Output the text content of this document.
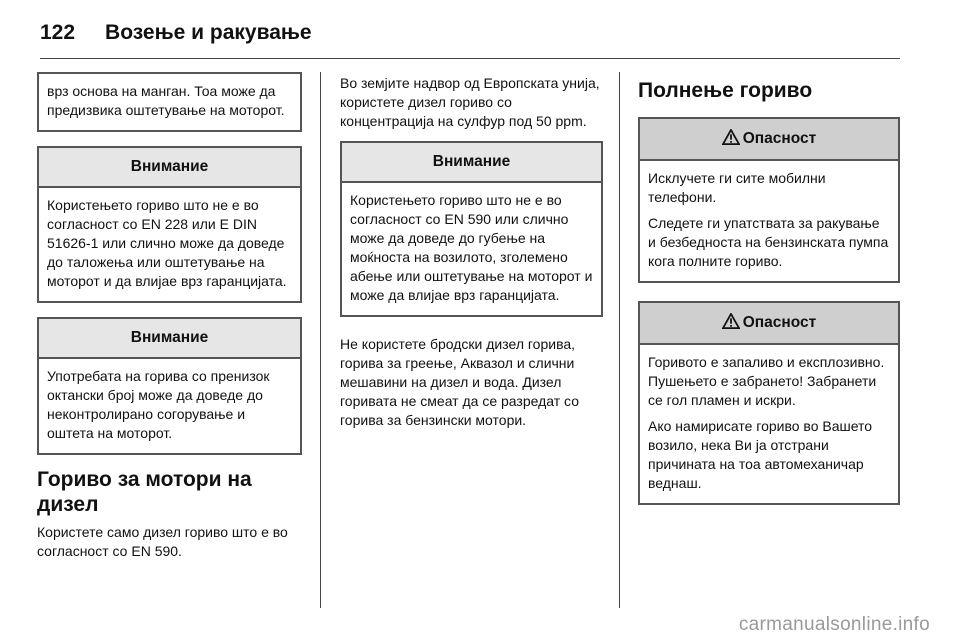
122 Возење и ракување

врз основа на манган. Тоа може да предизвика оштетување на моторот.

Внимание

Користењето гориво што не е во согласност со EN 228 или E DIN 51626-1 или слично може да доведе до таложења или оштетување на моторот и да влијае врз гаранцијата.

Внимание

Употребата на горива со пренизок октански број може да доведе до неконтролирано согорување и оштета на моторот.

Гориво за мотори на дизел

Користете само дизел гориво што е во согласност со EN 590.

Во земјите надвор од Европската унија, користете дизел гориво со концентрација на сулфур под 50 ppm.

Внимание

Користењето гориво што не е во согласност со EN 590 или слично може да доведе до губење на моќноста на возилото, зголемено абење или оштетување на моторот и може да влијае врз гаранцијата.

Не користете бродски дизел горива, горива за греење, Аквазол и слични мешавини на дизел и вода. Дизел горивата не смеат да се разредат со горива за бензински мотори.

Полнење гориво
Опасност

Исклучете ги сите мобилни телефони.

Следете ги упатствата за ракување и безбедноста на бензинската пумпа кога полните гориво.

Опасност

Горивото е запаливо и експлозивно. Пушењето е забрането! Забранети се гол пламен и искри.

Ако намирисате гориво во Вашето возило, нека Ви ја отстрани причината на тоа автомеханичар веднаш.

carmanualsonline.info
